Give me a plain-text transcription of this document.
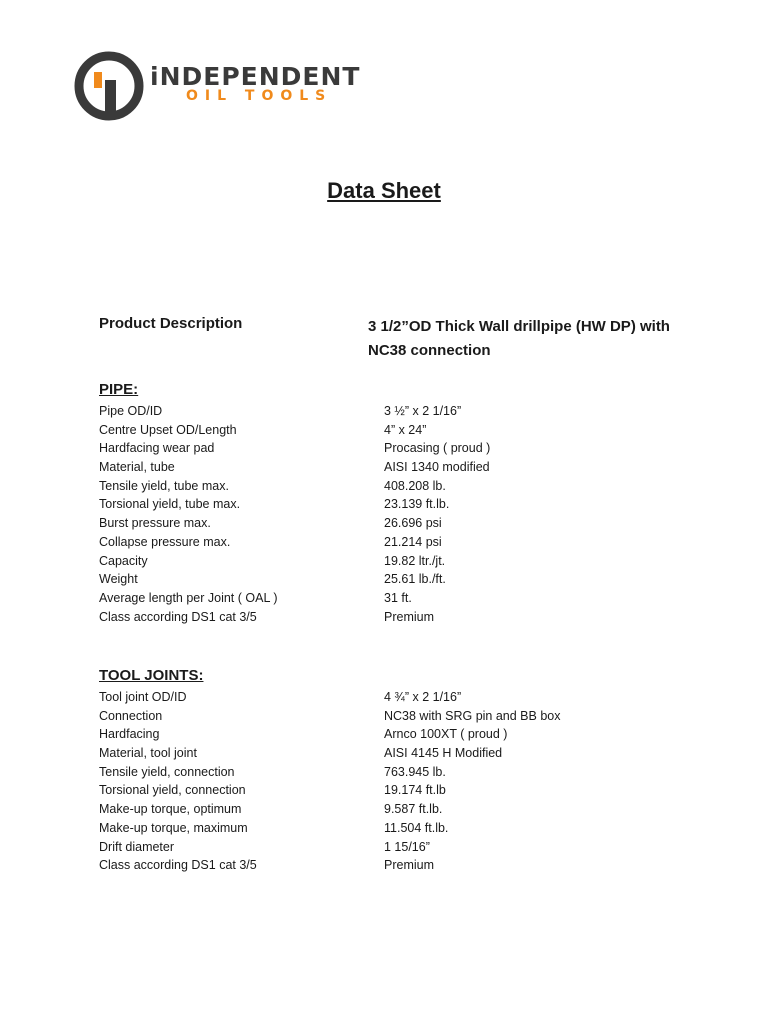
iNDEPENDENT
OIL TOOLS
Data Sheet
Product Description	3 1/2”OD Thick Wall drillpipe (HW DP) with NC38 connection
PIPE:
Pipe OD/ID	3 ½” x 2 1/16”
Centre Upset OD/Length	4” x 24”
Hardfacing wear pad	Procasing ( proud )
Material, tube	AISI 1340 modified
Tensile yield, tube max.	408.208 lb.
Torsional yield, tube max.	23.139 ft.lb.
Burst pressure max.	26.696 psi
Collapse pressure max.	21.214 psi
Capacity	19.82 ltr./jt.
Weight	25.61 lb./ft.
Average length per Joint ( OAL )	31 ft.
Class according DS1 cat 3/5	Premium
TOOL JOINTS:
Tool joint OD/ID	4 ¾” x 2 1/16”
Connection	NC38 with SRG pin and BB box
Hardfacing	Arnco 100XT ( proud )
Material, tool joint	AISI 4145 H Modified
Tensile yield, connection	763.945 lb.
Torsional yield, connection	19.174 ft.lb
Make-up torque, optimum	9.587 ft.lb.
Make-up torque, maximum	11.504 ft.lb.
Drift diameter	1 15/16”
Class according DS1 cat 3/5	Premium
